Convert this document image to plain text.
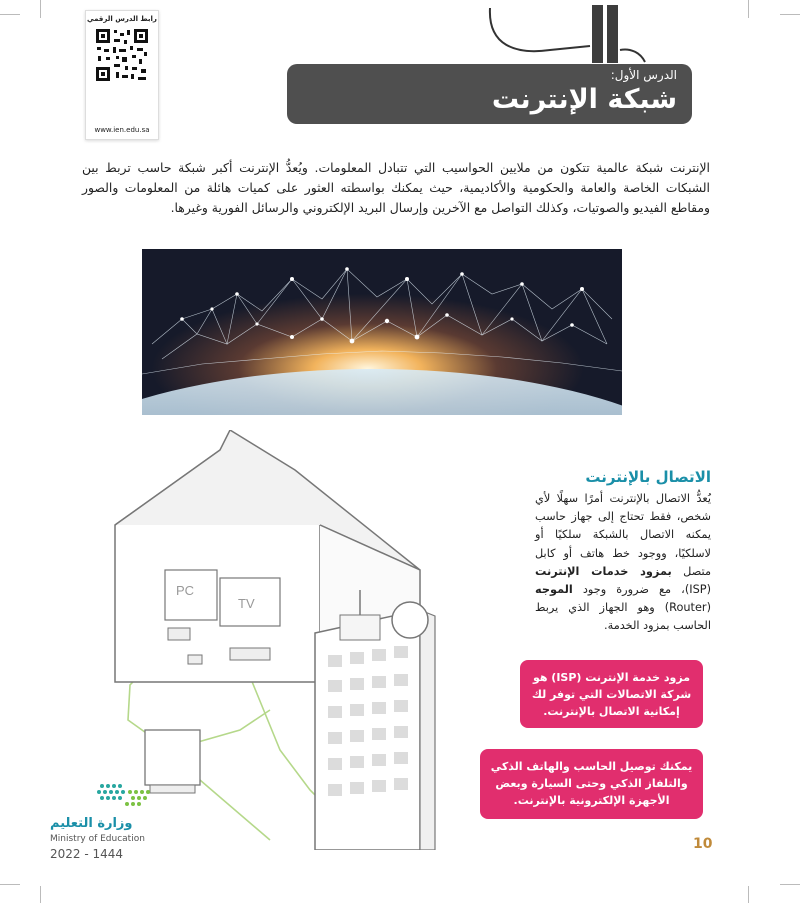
رابط الدرس الرقمي
www.ien.edu.sa
الدرس الأول:
شبكة الإنترنت

الإنترنت شبكة عالمية تتكون من ملايين الحواسيب التي تتبادل المعلومات. ويُعدُّ الإنترنت أكبر شبكة حاسب تربط بين الشبكات الخاصة والعامة والحكومية والأكاديمية، حيث يمكنك بواسطته العثور على كميات هائلة من المعلومات والصور ومقاطع الفيديو والصوتيات، وكذلك التواصل مع الآخرين وإرسال البريد الإلكتروني والرسائل الفورية وغيرها.

PC
TV
الاتصال بالإنترنت

يُعدُّ الاتصال بالإنترنت أمرًا سهلًا لأي شخص، فقط تحتاج إلى جهاز حاسب يمكنه الاتصال بالشبكة سلكيًا أو لاسلكيًا، ووجود خط هاتف أو كابل متصل بمزود خدمات الإنترنت (ISP)، مع ضرورة وجود الموجه (Router) وهو الجهاز الذي يربط الحاسب بمزود الخدمة.

مزود خدمة الإنترنت (ISP) هو شركة الاتصالات التي توفر لك إمكانية الاتصال بالإنترنت.
يمكنك توصيل الحاسب والهاتف الذكي والتلفاز الذكي وحتى السيارة وبعض الأجهزة الإلكترونية بالإنترنت.
وزارة التعليم
Ministry of Education
2022 - 1444
10
